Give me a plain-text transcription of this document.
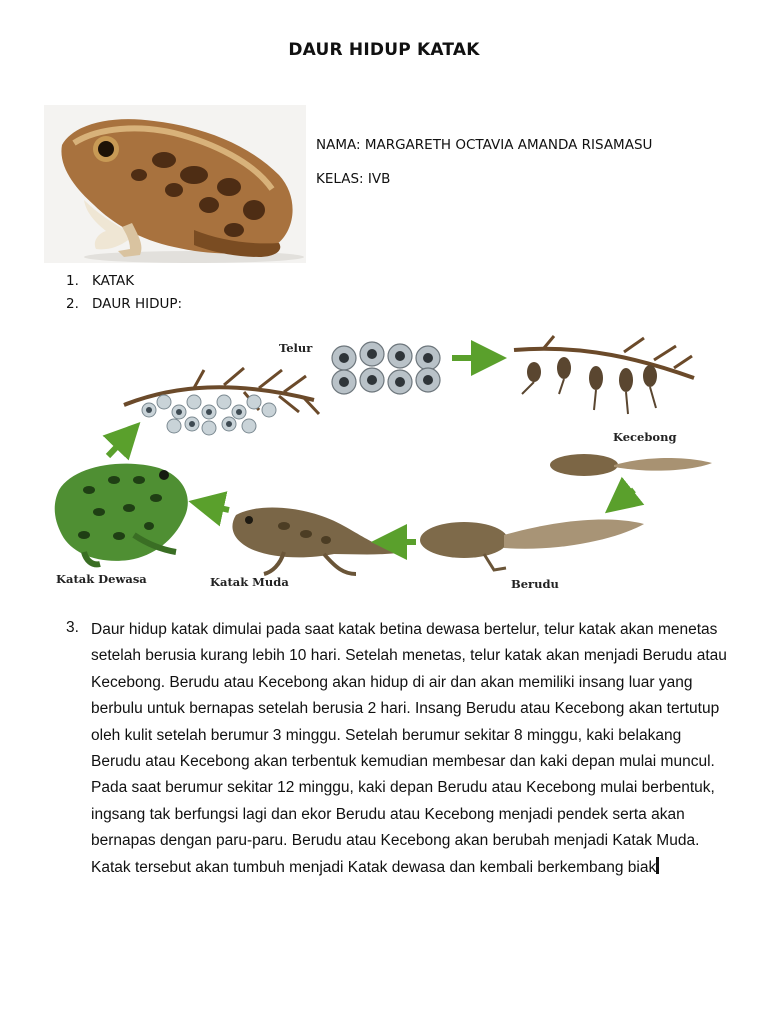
DAUR HIDUP KATAK
NAMA: MARGARETH OCTAVIA AMANDA RISAMASU
KELAS: IVB
1. KATAK
2. DAUR HIDUP:
Telur
Kecebong
Berudu
Katak Muda
Katak Dewasa
3. Daur hidup katak dimulai pada saat katak betina dewasa bertelur, telur katak akan menetas setelah berusia kurang lebih 10 hari. Setelah menetas, telur katak akan menjadi Berudu atau Kecebong. Berudu atau Kecebong akan hidup di air dan akan memiliki insang luar yang berbulu untuk bernapas setelah berusia 2 hari. Insang Berudu atau Kecebong akan tertutup oleh kulit setelah berumur 3 minggu. Setelah berumur sekitar 8 minggu, kaki belakang Berudu atau Kecebong akan terbentuk kemudian membesar dan kaki depan mulai muncul. Pada saat berumur sekitar 12 minggu, kaki depan Berudu atau Kecebong mulai berbentuk, ingsang tak berfungsi lagi dan ekor Berudu atau Kecebong menjadi pendek serta akan bernapas dengan paru-paru. Berudu atau Kecebong akan berubah menjadi Katak Muda. Katak tersebut akan tumbuh menjadi Katak dewasa dan kembali berkembang biak
